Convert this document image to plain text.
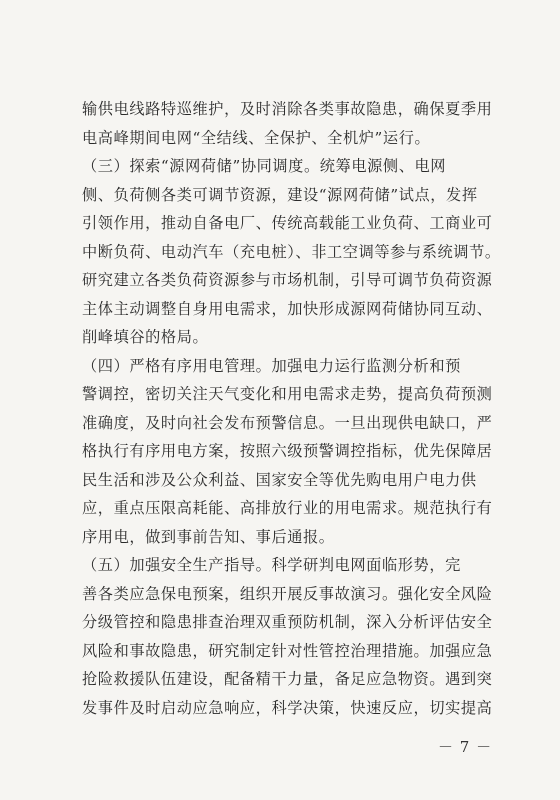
输供电线路特巡维护，及时消除各类事故隐患，确保夏季用
电高峰期间电网“全结线、全保护、全机炉”运行。

（三）探索“源网荷储”协同调度。统筹电源侧、电网
侧、负荷侧各类可调节资源，建设“源网荷储”试点，发挥
引领作用，推动自备电厂、传统高载能工业负荷、工商业可
中断负荷、电动汽车（充电桩）、非工空调等参与系统调节。
研究建立各类负荷资源参与市场机制，引导可调节负荷资源
主体主动调整自身用电需求，加快形成源网荷储协同互动、
削峰填谷的格局。

（四）严格有序用电管理。加强电力运行监测分析和预
警调控，密切关注天气变化和用电需求走势，提高负荷预测
准确度，及时向社会发布预警信息。一旦出现供电缺口，严
格执行有序用电方案，按照六级预警调控指标，优先保障居
民生活和涉及公众利益、国家安全等优先购电用户电力供
应，重点压限高耗能、高排放行业的用电需求。规范执行有
序用电，做到事前告知、事后通报。

（五）加强安全生产指导。科学研判电网面临形势，完
善各类应急保电预案，组织开展反事故演习。强化安全风险
分级管控和隐患排查治理双重预防机制，深入分析评估安全
风险和事故隐患，研究制定针对性管控治理措施。加强应急
抢险救援队伍建设，配备精干力量，备足应急物资。遇到突
发事件及时启动应急响应，科学决策，快速反应，切实提高

－ 7 －
